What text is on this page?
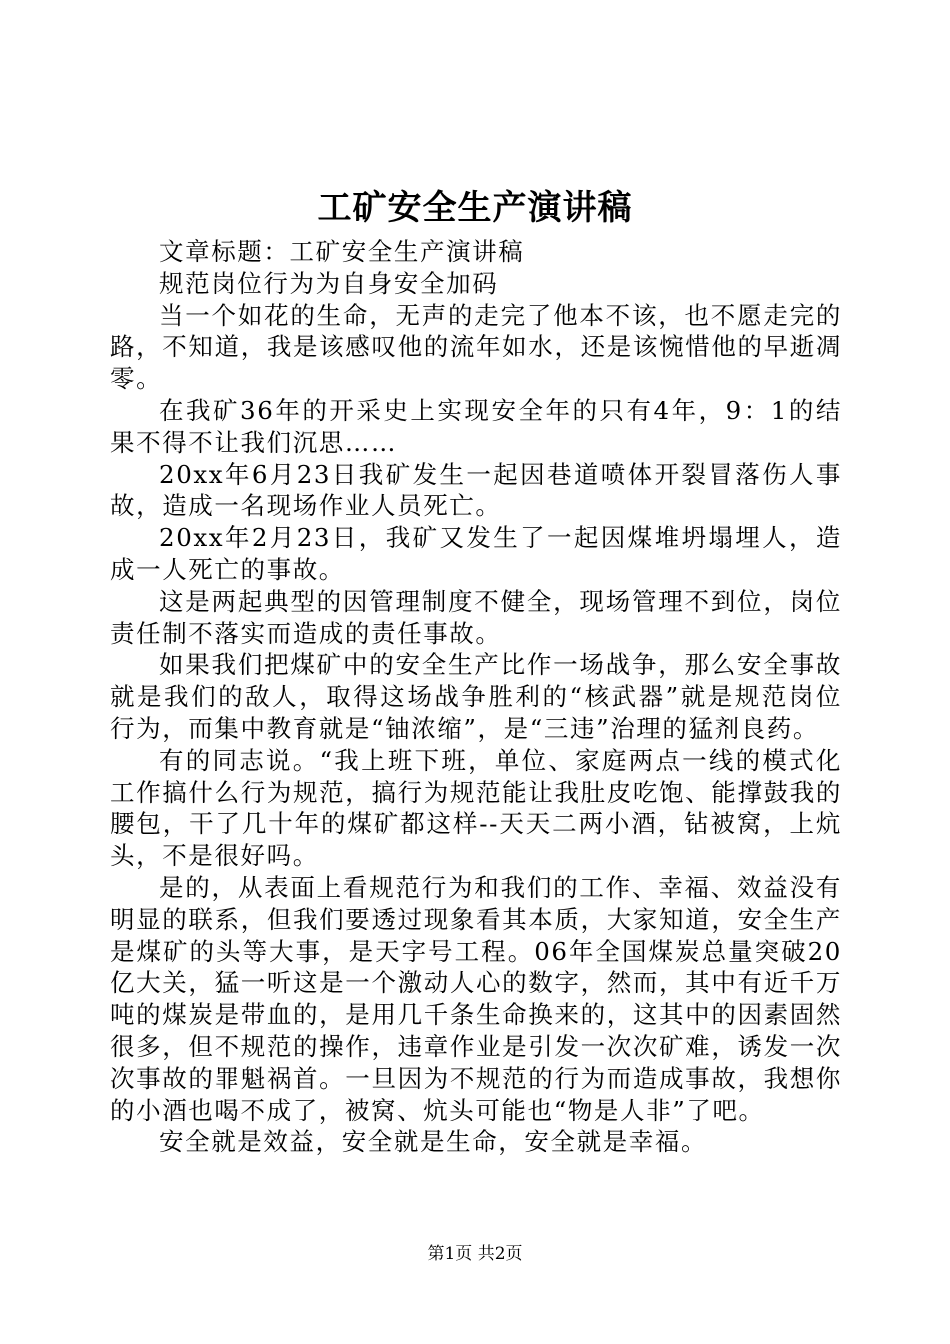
工矿安全生产演讲稿

文章标题：工矿安全生产演讲稿

规范岗位行为为自身安全加码

当一个如花的生命，无声的走完了他本不该，也不愿走完的路，不知道，我是该感叹他的流年如水，还是该惋惜他的早逝凋零。

在我矿36年的开采史上实现安全年的只有4年，9：1的结果不得不让我们沉思……

20xx年6月23日我矿发生一起因巷道喷体开裂冒落伤人事故，造成一名现场作业人员死亡。

20xx年2月23日，我矿又发生了一起因煤堆坍塌埋人，造成一人死亡的事故。

这是两起典型的因管理制度不健全，现场管理不到位，岗位责任制不落实而造成的责任事故。

如果我们把煤矿中的安全生产比作一场战争，那么安全事故就是我们的敌人，取得这场战争胜利的“核武器”就是规范岗位行为，而集中教育就是“铀浓缩”，是“三违”治理的猛剂良药。

有的同志说。“我上班下班，单位、家庭两点一线的模式化工作搞什么行为规范，搞行为规范能让我肚皮吃饱、能撑鼓我的腰包，干了几十年的煤矿都这样--天天二两小酒，钻被窝，上炕头，不是很好吗。

是的，从表面上看规范行为和我们的工作、幸福、效益没有明显的联系，但我们要透过现象看其本质，大家知道，安全生产是煤矿的头等大事，是天字号工程。06年全国煤炭总量突破20亿大关，猛一听这是一个激动人心的数字，然而，其中有近千万吨的煤炭是带血的，是用几千条生命换来的，这其中的因素固然很多，但不规范的操作，违章作业是引发一次次矿难，诱发一次次事故的罪魁祸首。一旦因为不规范的行为而造成事故，我想你的小酒也喝不成了，被窝、炕头可能也“物是人非”了吧。

安全就是效益，安全就是生命，安全就是幸福。

第1页 共2页
